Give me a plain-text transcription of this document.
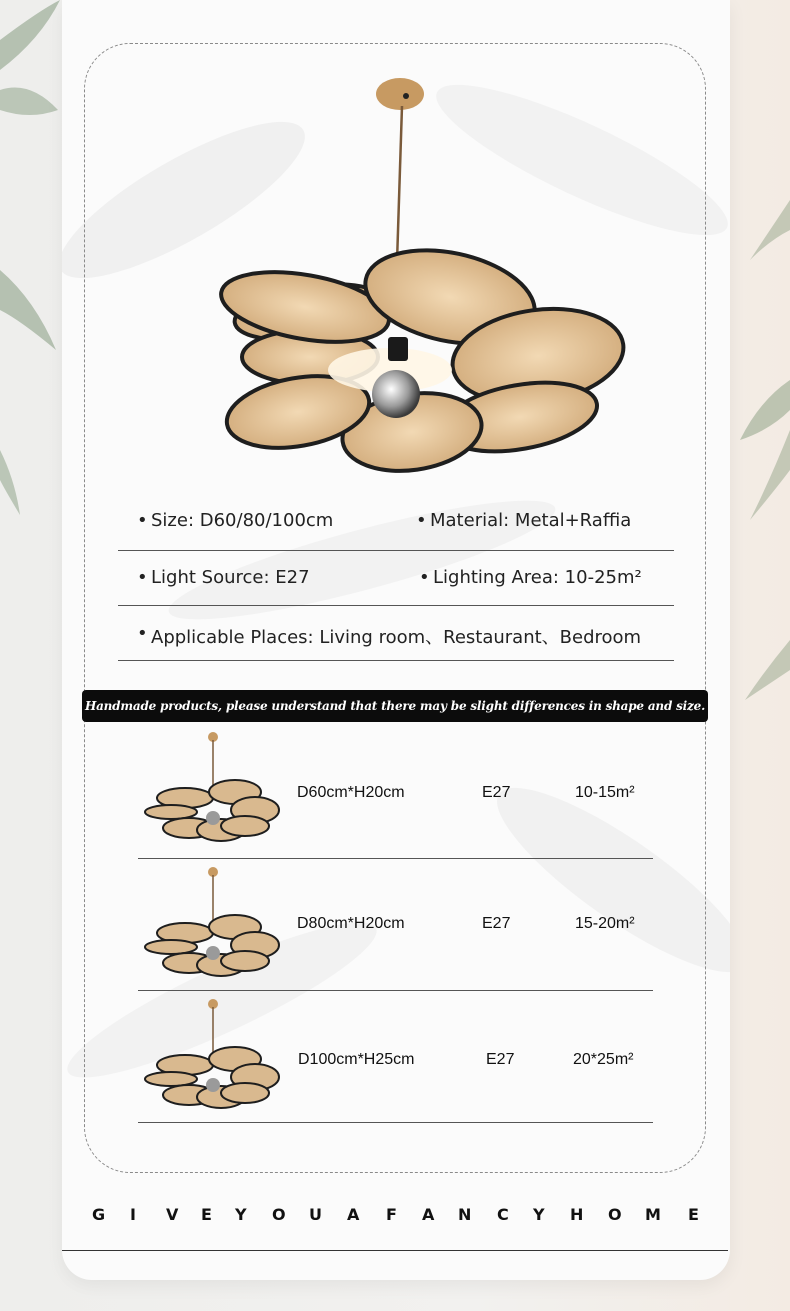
• Size: D60/80/100cm	• Material: Metal+Raffia
• Light Source: E27	• Lighting Area: 10-25m²
• Applicable Places: Living room、Restaurant、Bedroom
Handmade products, please understand that there may be slight differences in shape and size.
D60cm*H20cm	E27	10-15m²
D80cm*H20cm	E27	15-20m²
D100cm*H25cm	E27	20*25m²
G I V E Y O U A F A N C Y H O M E
